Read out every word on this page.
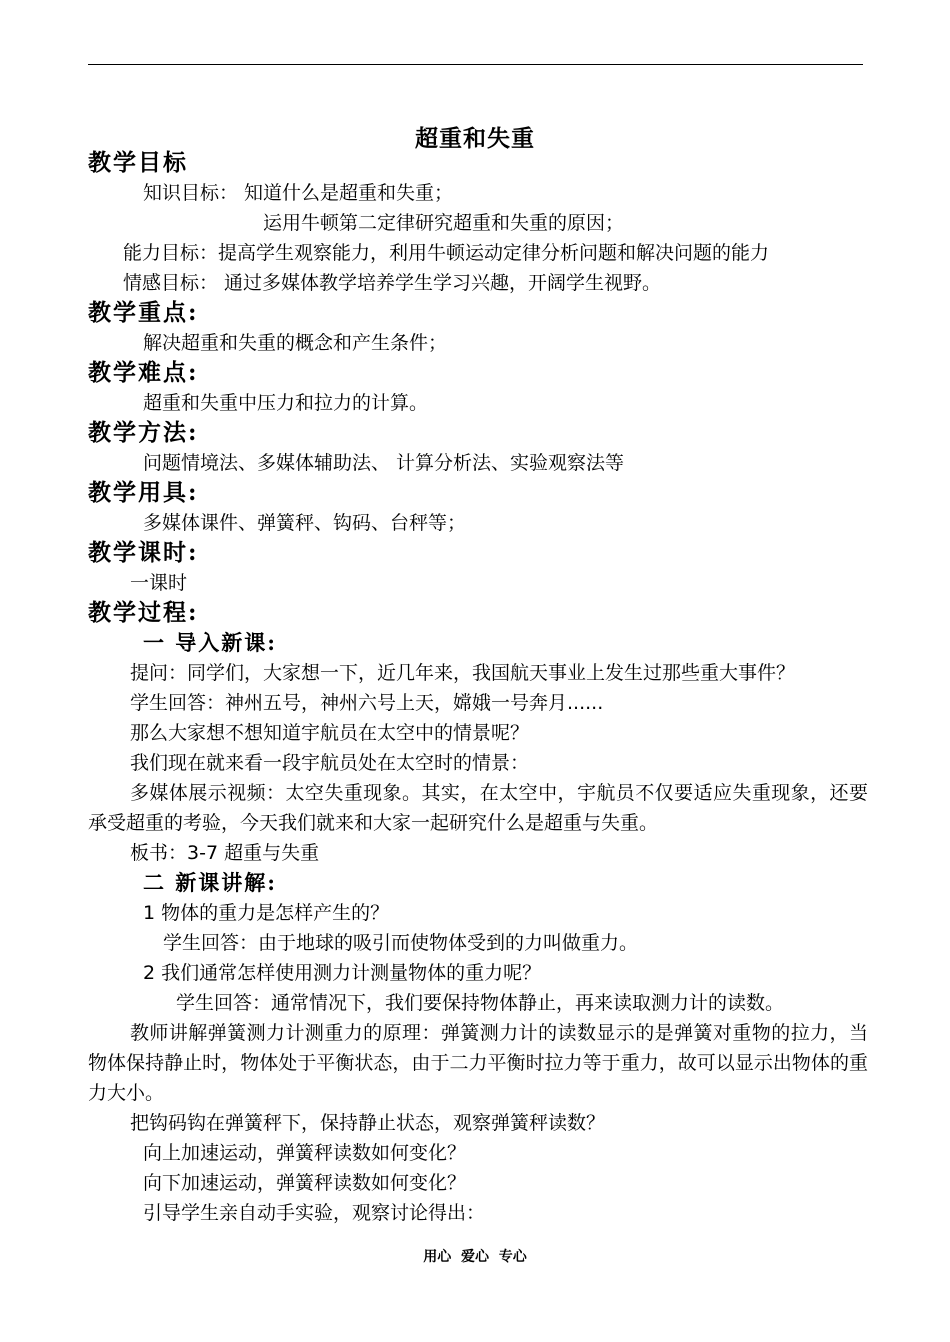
超重和失重
教学目标
知识目标： 知道什么是超重和失重；
运用牛顿第二定律研究超重和失重的原因；
能力目标：提高学生观察能力，利用牛顿运动定律分析问题和解决问题的能力
情感目标： 通过多媒体教学培养学生学习兴趣，开阔学生视野。
教学重点:
解决超重和失重的概念和产生条件；
教学难点:
超重和失重中压力和拉力的计算。
教学方法:
问题情境法、多媒体辅助法、 计算分析法、实验观察法等
教学用具:
多媒体课件、弹簧秤、钩码、台秤等；
教学课时:
一课时
教学过程:
一 导入新课:
提问：同学们，大家想一下，近几年来，我国航天事业上发生过那些重大事件？
学生回答：神州五号，神州六号上天，嫦娥一号奔月......
那么大家想不想知道宇航员在太空中的情景呢？
我们现在就来看一段宇航员处在太空时的情景：
多媒体展示视频：太空失重现象。其实，在太空中，宇航员不仅要适应失重现象，还要承受超重的考验，今天我们就来和大家一起研究什么是超重与失重。
板书：3-7 超重与失重
二 新课讲解:
1 物体的重力是怎样产生的？
学生回答：由于地球的吸引而使物体受到的力叫做重力。
2 我们通常怎样使用测力计测量物体的重力呢？
学生回答：通常情况下，我们要保持物体静止，再来读取测力计的读数。
教师讲解弹簧测力计测重力的原理：弹簧测力计的读数显示的是弹簧对重物的拉力，当物体保持静止时，物体处于平衡状态，由于二力平衡时拉力等于重力，故可以显示出物体的重力大小。
把钩码钩在弹簧秤下，保持静止状态，观察弹簧秤读数？
向上加速运动，弹簧秤读数如何变化？
向下加速运动，弹簧秤读数如何变化？
引导学生亲自动手实验，观察讨论得出：
用心  爱心  专心
